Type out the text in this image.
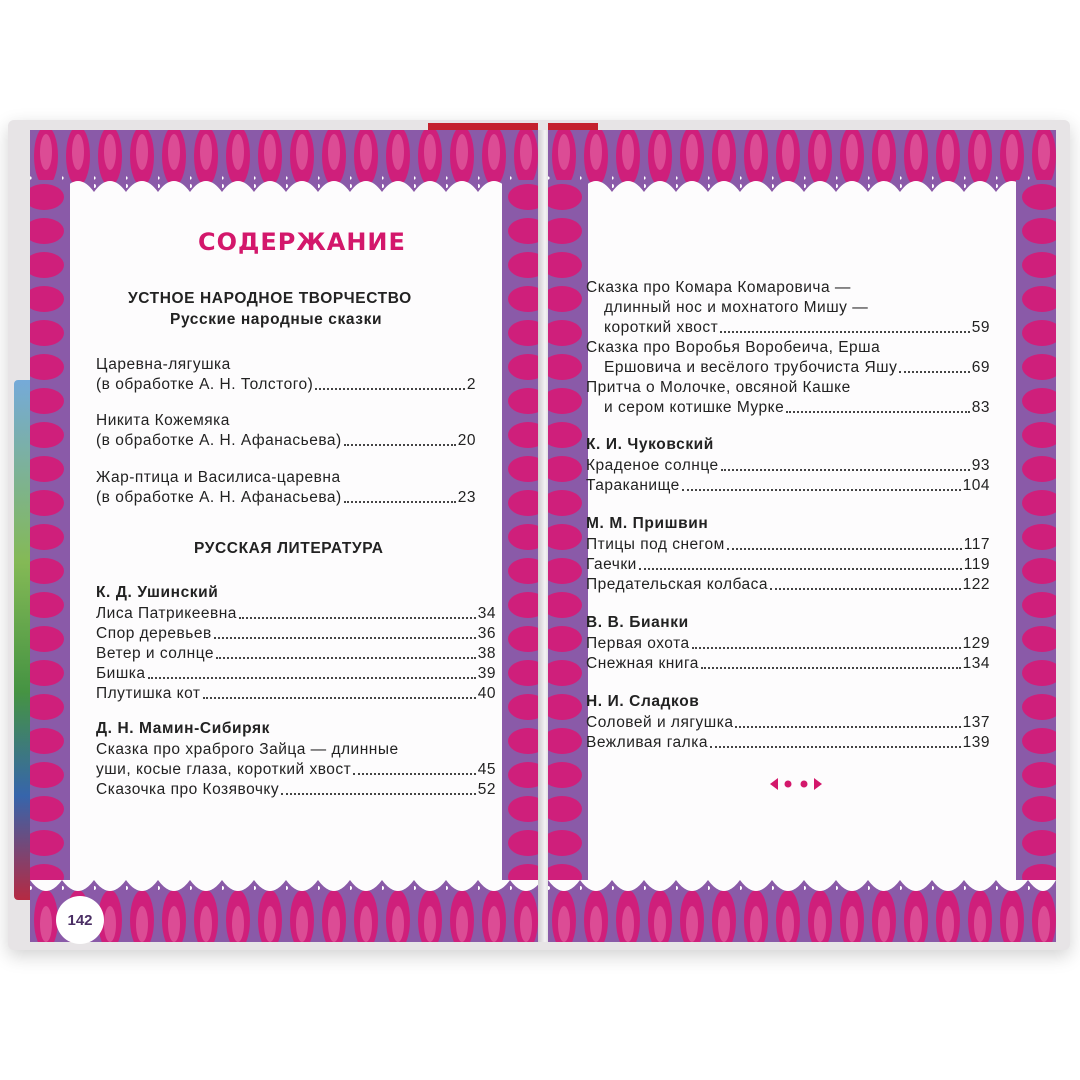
142
СОДЕРЖАНИЕ
УСТНОЕ НАРОДНОЕ ТВОРЧЕСТВО
Русские народные сказки
Царевна-лягушка
(в обработке А. Н. Толстого)	2
Никита Кожемяка
(в обработке А. Н. Афанасьева)	20
Жар-птица и Василиса-царевна
(в обработке А. Н. Афанасьева)	23
РУССКАЯ ЛИТЕРАТУРА
К. Д. Ушинский
Лиса Патрикеевна	34
Спор деревьев	36
Ветер и солнце	38
Бишка	39
Плутишка кот	40
Д. Н. Мамин-Сибиряк
Сказка про храброго Зайца — длинные
уши, косые глаза, короткий хвост	45
Сказочка про Козявочку	52
Сказка про Комара Комаровича —
длинный нос и мохнатого Мишу —
короткий хвост	59
Сказка про Воробья Воробеича, Ерша
Ершовича и весёлого трубочиста Яшу	69
Притча о Молочке, овсяной Кашке
и сером котишке Мурке	83
К. И. Чуковский
Краденое солнце	93
Тараканище	104
М. М. Пришвин
Птицы под снегом	117
Гаечки	119
Предательская колбаса	122
В. В. Бианки
Первая охота	129
Снежная книга	134
Н. И. Сладков
Соловей и лягушка	137
Вежливая галка	139
